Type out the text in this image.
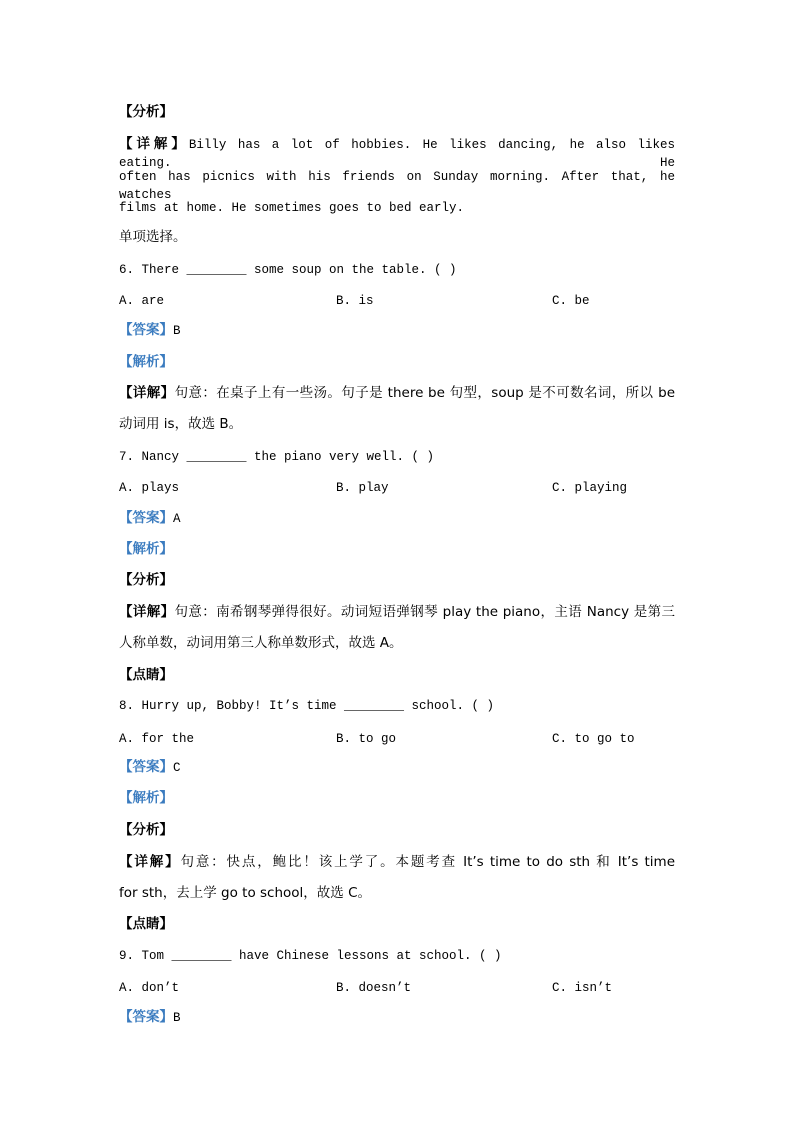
【分析】
【详解】Billy has a lot of hobbies. He likes dancing, he also likes eating. He
often has picnics with his friends on Sunday morning. After that, he watches
films at home. He sometimes goes to bed early.
单项选择。
6. There ________ some soup on the table. ( )
A. are	B. is	C. be
【答案】B
【解析】
【详解】句意：在桌子上有一些汤。句子是 there be 句型，soup 是不可数名词，所以 be
动词用 is，故选 B。
7. Nancy ________ the piano very well. ( )
A. plays	B. play	C. playing
【答案】A
【解析】
【分析】
【详解】句意：南希钢琴弹得很好。动词短语弹钢琴 play the piano，主语 Nancy 是第三
人称单数，动词用第三人称单数形式，故选 A。
【点睛】
8. Hurry up, Bobby! It’s time ________ school. ( )
A. for the	B. to go	C. to go to
【答案】C
【解析】
【分析】
【详解】句意：快点，鲍比！该上学了。本题考查 It’s time to do sth 和 It’s time
for sth，去上学 go to school，故选 C。
【点睛】
9. Tom ________ have Chinese lessons at school. ( )
A. don’t	B. doesn’t	C. isn’t
【答案】B
